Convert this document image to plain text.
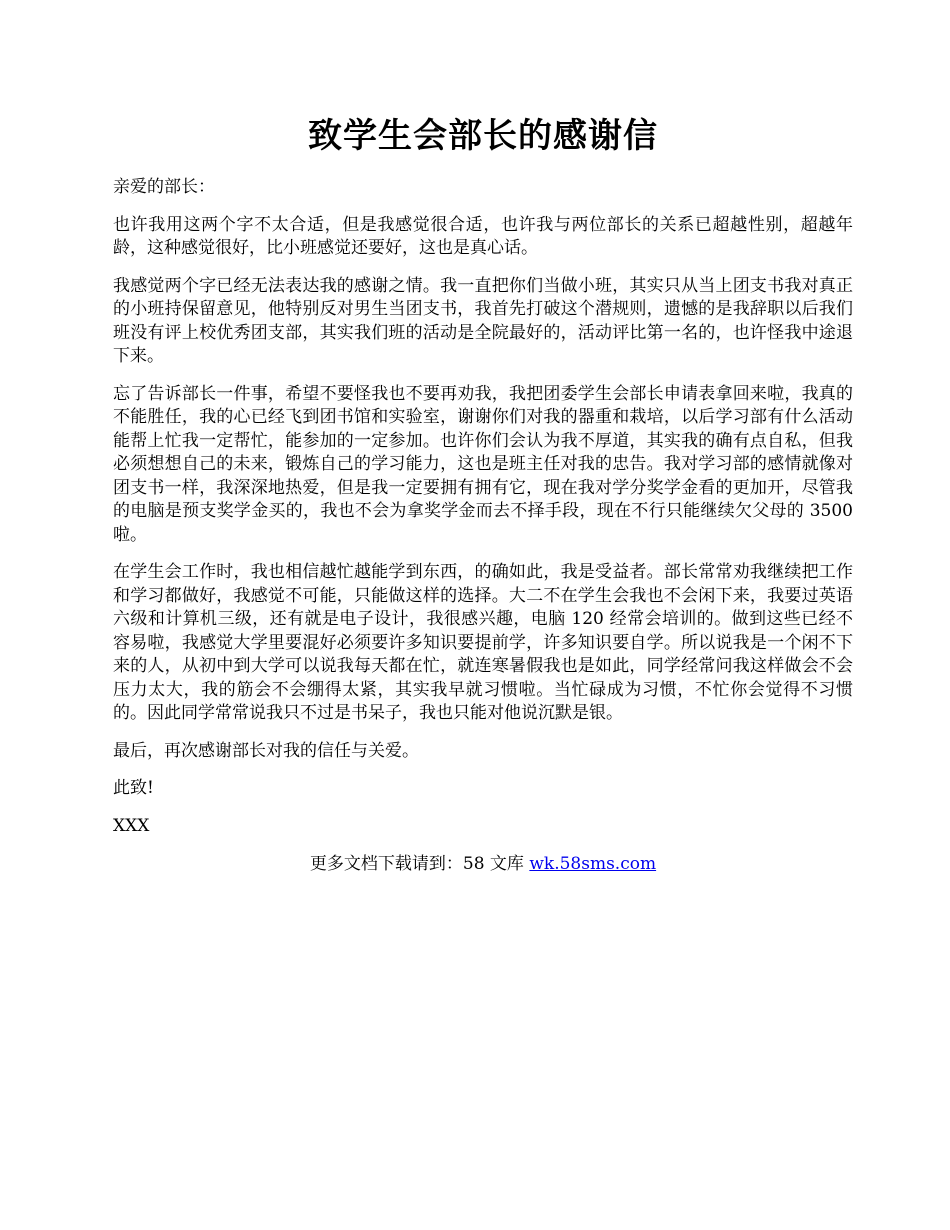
致学生会部长的感谢信

亲爱的部长：

也许我用这两个字不太合适，但是我感觉很合适，也许我与两位部长的关系已超越性别，超越年龄，这种感觉很好，比小班感觉还要好，这也是真心话。

我感觉两个字已经无法表达我的感谢之情。我一直把你们当做小班，其实只从当上团支书我对真正的小班持保留意见，他特别反对男生当团支书，我首先打破这个潜规则，遗憾的是我辞职以后我们班没有评上校优秀团支部，其实我们班的活动是全院最好的，活动评比第一名的，也许怪我中途退下来。

忘了告诉部长一件事，希望不要怪我也不要再劝我，我把团委学生会部长申请表拿回来啦，我真的不能胜任，我的心已经飞到团书馆和实验室，谢谢你们对我的器重和栽培，以后学习部有什么活动能帮上忙我一定帮忙，能参加的一定参加。也许你们会认为我不厚道，其实我的确有点自私，但我必须想想自己的未来，锻炼自己的学习能力，这也是班主任对我的忠告。我对学习部的感情就像对团支书一样，我深深地热爱，但是我一定要拥有拥有它，现在我对学分奖学金看的更加开，尽管我的电脑是预支奖学金买的，我也不会为拿奖学金而去不择手段，现在不行只能继续欠父母的 3500 啦。

在学生会工作时，我也相信越忙越能学到东西，的确如此，我是受益者。部长常常劝我继续把工作和学习都做好，我感觉不可能，只能做这样的选择。大二不在学生会我也不会闲下来，我要过英语六级和计算机三级，还有就是电子设计，我很感兴趣，电脑 120 经常会培训的。做到这些已经不容易啦，我感觉大学里要混好必须要许多知识要提前学，许多知识要自学。所以说我是一个闲不下来的人，从初中到大学可以说我每天都在忙，就连寒暑假我也是如此，同学经常问我这样做会不会压力太大，我的筋会不会绷得太紧，其实我早就习惯啦。当忙碌成为习惯，不忙你会觉得不习惯的。因此同学常常说我只不过是书呆子，我也只能对他说沉默是银。

最后，再次感谢部长对我的信任与关爱。

此致!

XXX

更多文档下载请到：58 文库 wk.58sms.com
